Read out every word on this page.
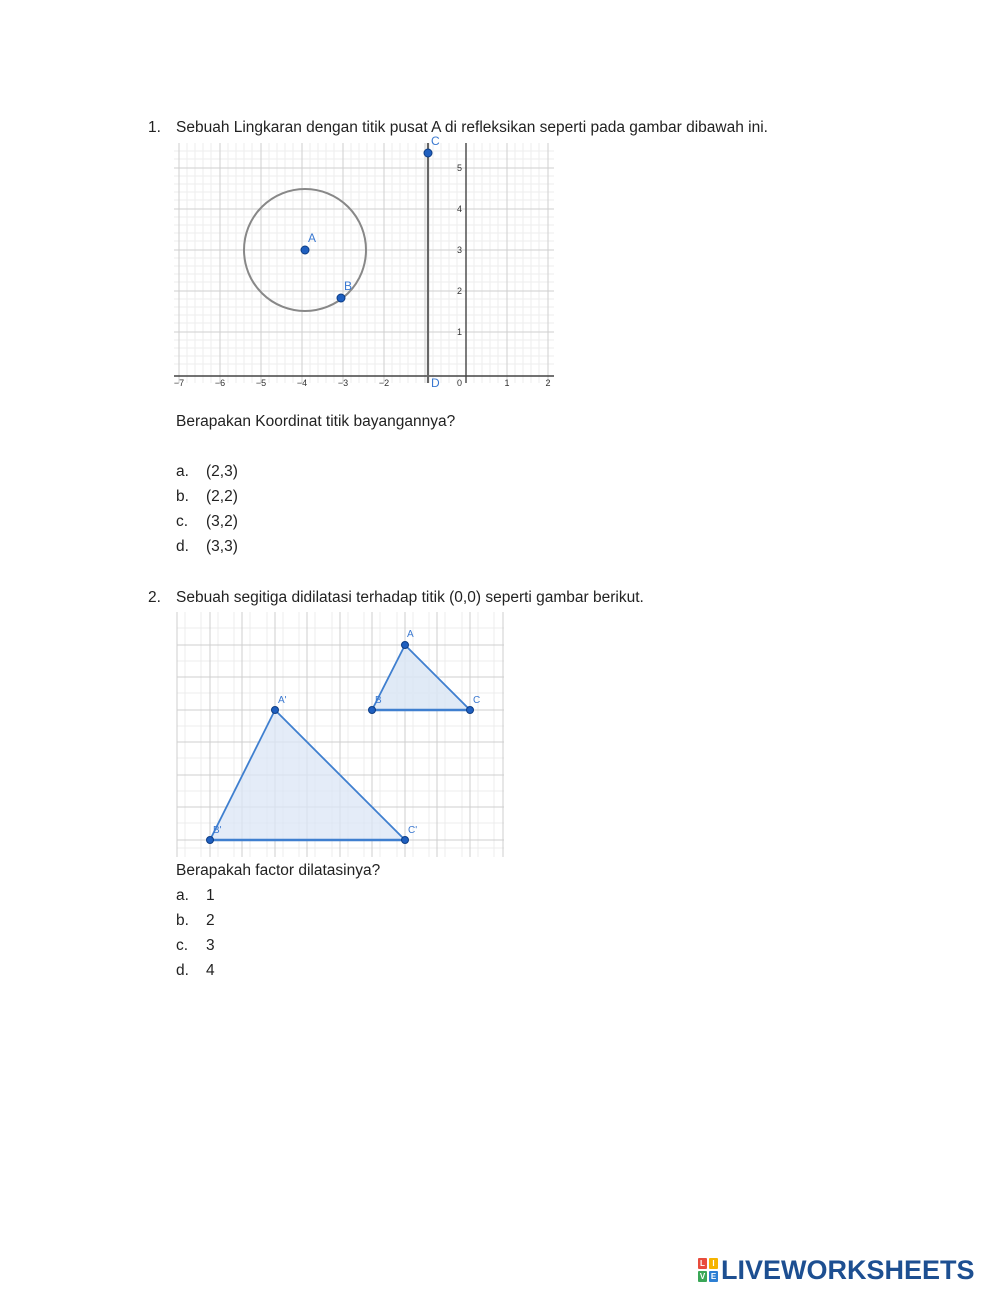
1. Sebuah Lingkaran dengan titik pusat A di refleksikan seperti pada gambar dibawah ini.
5
4
3
2
1
−7	−6	−5	−4	−3	−2	0	1	2
A
B
C
D
Berapakan Koordinat titik bayangannya?
a. (2,3)
b. (2,2)
c. (3,2)
d. (3,3)
2. Sebuah segitiga didilatasi terhadap titik (0,0) seperti gambar berikut.
A
B	C
A'
B'	C'
Berapakah factor dilatasinya?
a. 1
b. 2
c. 3
d. 4
L I
V E LIVEWORKSHEETS
